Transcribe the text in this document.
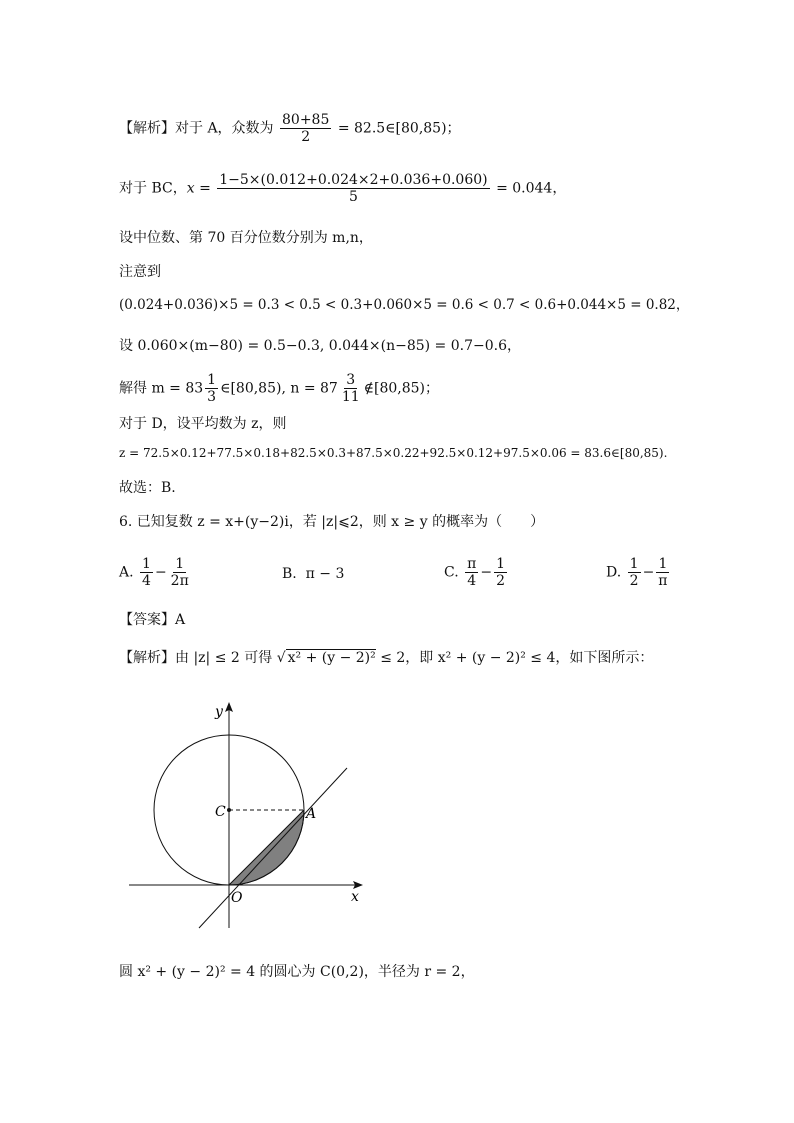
【解析】对于 A，众数为 $\frac{80+85}{2}$ = 82.5∈[80,85)；
对于 BC，$x = \frac{1-5\times(0.012+0.024\times 2+0.036+0.060)}{5} = 0.044$，
设中位数、第 70 百分位数分别为 m,n，
注意到
(0.024+0.036)×5 = 0.3 < 0.5 < 0.3+0.060×5 = 0.6 < 0.7 < 0.6+0.044×5 = 0.82，
设 0.060×(m−80) = 0.5−0.3, 0.044×(n−85) = 0.7−0.6，
解得 $m = 83 \frac{1}{3}$ ∈[80,85), $n = 87 \frac{3}{11}$ ∉[80,85)；
对于 D，设平均数为 z，则
z = 72.5×0.12+77.5×0.18+82.5×0.3+87.5×0.22+92.5×0.12+97.5×0.06 = 83.6∈[80,85).
故选：B.
6. 已知复数 z = x+(y−2)i，若 |z|⩽2，则 x ≥ y 的概率为（　　）
A. $\frac{1}{4} - \frac{1}{2\pi}$	B. π − 3	C. $\frac{\pi}{4} - \frac{1}{2}$	D. $\frac{1}{2} - \frac{1}{\pi}$
【答案】A
【解析】由 |z| ≤ 2 可得 √ x² + (y − 2)² ≤ 2，即 x² + (y − 2)² ≤ 4，如下图所示：
y
x
O
C	A
圆 x² + (y − 2)² = 4 的圆心为 C(0,2)，半径为 r = 2，
